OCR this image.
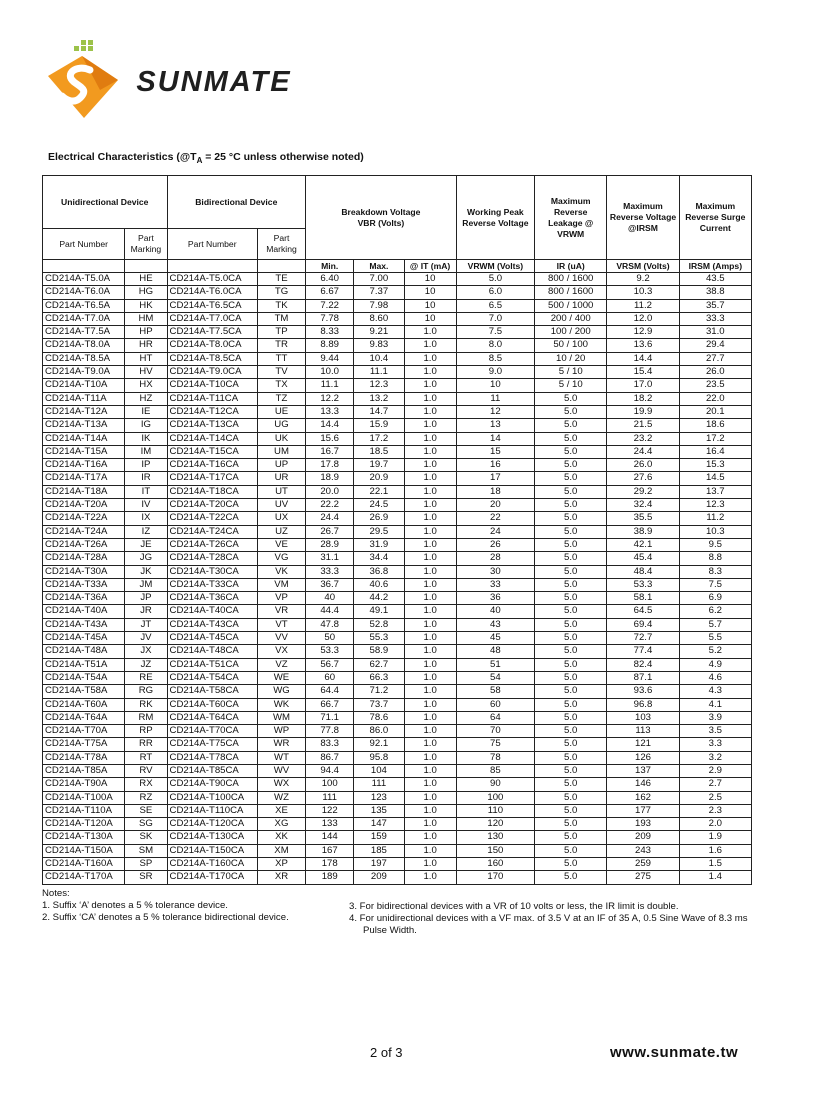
SUNMATE
Electrical Characteristics ($@T_A = 25$ °C unless otherwise noted)
Unidirectional Device		Bidirectional Device		Breakdown Voltage
VBR (Volts)			Working Peak Reverse Voltage	Maximum Reverse Leakage @ VRWM	Maximum Reverse Voltage @IRSM	Maximum Reverse Surge Current
Part Number	Part Marking	Part Number	Part Marking							
				Min.	Max.	@ IT (mA)	VRWM (Volts)	IR (uA)	VRSM (Volts)	IRSM (Amps)
CD214A-T5.0A	HE	CD214A-T5.0CA	TE	6.40	7.00	10	5.0	800 / 1600	9.2	43.5
CD214A-T6.0A	HG	CD214A-T6.0CA	TG	6.67	7.37	10	6.0	800 / 1600	10.3	38.8
CD214A-T6.5A	HK	CD214A-T6.5CA	TK	7.22	7.98	10	6.5	500 / 1000	11.2	35.7
CD214A-T7.0A	HM	CD214A-T7.0CA	TM	7.78	8.60	10	7.0	200 / 400	12.0	33.3
CD214A-T7.5A	HP	CD214A-T7.5CA	TP	8.33	9.21	1.0	7.5	100 / 200	12.9	31.0
CD214A-T8.0A	HR	CD214A-T8.0CA	TR	8.89	9.83	1.0	8.0	50 / 100	13.6	29.4
CD214A-T8.5A	HT	CD214A-T8.5CA	TT	9.44	10.4	1.0	8.5	10 / 20	14.4	27.7
CD214A-T9.0A	HV	CD214A-T9.0CA	TV	10.0	11.1	1.0	9.0	5 / 10	15.4	26.0
CD214A-T10A	HX	CD214A-T10CA	TX	11.1	12.3	1.0	10	5 / 10	17.0	23.5
CD214A-T11A	HZ	CD214A-T11CA	TZ	12.2	13.2	1.0	11	5.0	18.2	22.0
CD214A-T12A	IE	CD214A-T12CA	UE	13.3	14.7	1.0	12	5.0	19.9	20.1
CD214A-T13A	IG	CD214A-T13CA	UG	14.4	15.9	1.0	13	5.0	21.5	18.6
CD214A-T14A	IK	CD214A-T14CA	UK	15.6	17.2	1.0	14	5.0	23.2	17.2
CD214A-T15A	IM	CD214A-T15CA	UM	16.7	18.5	1.0	15	5.0	24.4	16.4
CD214A-T16A	IP	CD214A-T16CA	UP	17.8	19.7	1.0	16	5.0	26.0	15.3
CD214A-T17A	IR	CD214A-T17CA	UR	18.9	20.9	1.0	17	5.0	27.6	14.5
CD214A-T18A	IT	CD214A-T18CA	UT	20.0	22.1	1.0	18	5.0	29.2	13.7
CD214A-T20A	IV	CD214A-T20CA	UV	22.2	24.5	1.0	20	5.0	32.4	12.3
CD214A-T22A	IX	CD214A-T22CA	UX	24.4	26.9	1.0	22	5.0	35.5	11.2
CD214A-T24A	IZ	CD214A-T24CA	UZ	26.7	29.5	1.0	24	5.0	38.9	10.3
CD214A-T26A	JE	CD214A-T26CA	VE	28.9	31.9	1.0	26	5.0	42.1	9.5
CD214A-T28A	JG	CD214A-T28CA	VG	31.1	34.4	1.0	28	5.0	45.4	8.8
CD214A-T30A	JK	CD214A-T30CA	VK	33.3	36.8	1.0	30	5.0	48.4	8.3
CD214A-T33A	JM	CD214A-T33CA	VM	36.7	40.6	1.0	33	5.0	53.3	7.5
CD214A-T36A	JP	CD214A-T36CA	VP	40	44.2	1.0	36	5.0	58.1	6.9
CD214A-T40A	JR	CD214A-T40CA	VR	44.4	49.1	1.0	40	5.0	64.5	6.2
CD214A-T43A	JT	CD214A-T43CA	VT	47.8	52.8	1.0	43	5.0	69.4	5.7
CD214A-T45A	JV	CD214A-T45CA	VV	50	55.3	1.0	45	5.0	72.7	5.5
CD214A-T48A	JX	CD214A-T48CA	VX	53.3	58.9	1.0	48	5.0	77.4	5.2
CD214A-T51A	JZ	CD214A-T51CA	VZ	56.7	62.7	1.0	51	5.0	82.4	4.9
CD214A-T54A	RE	CD214A-T54CA	WE	60	66.3	1.0	54	5.0	87.1	4.6
CD214A-T58A	RG	CD214A-T58CA	WG	64.4	71.2	1.0	58	5.0	93.6	4.3
CD214A-T60A	RK	CD214A-T60CA	WK	66.7	73.7	1.0	60	5.0	96.8	4.1
CD214A-T64A	RM	CD214A-T64CA	WM	71.1	78.6	1.0	64	5.0	103	3.9
CD214A-T70A	RP	CD214A-T70CA	WP	77.8	86.0	1.0	70	5.0	113	3.5
CD214A-T75A	RR	CD214A-T75CA	WR	83.3	92.1	1.0	75	5.0	121	3.3
CD214A-T78A	RT	CD214A-T78CA	WT	86.7	95.8	1.0	78	5.0	126	3.2
CD214A-T85A	RV	CD214A-T85CA	WV	94.4	104	1.0	85	5.0	137	2.9
CD214A-T90A	RX	CD214A-T90CA	WX	100	111	1.0	90	5.0	146	2.7
CD214A-T100A	RZ	CD214A-T100CA	WZ	111	123	1.0	100	5.0	162	2.5
CD214A-T110A	SE	CD214A-T110CA	XE	122	135	1.0	110	5.0	177	2.3
CD214A-T120A	SG	CD214A-T120CA	XG	133	147	1.0	120	5.0	193	2.0
CD214A-T130A	SK	CD214A-T130CA	XK	144	159	1.0	130	5.0	209	1.9
CD214A-T150A	SM	CD214A-T150CA	XM	167	185	1.0	150	5.0	243	1.6
CD214A-T160A	SP	CD214A-T160CA	XP	178	197	1.0	160	5.0	259	1.5
CD214A-T170A	SR	CD214A-T170CA	XR	189	209	1.0	170	5.0	275	1.4
Notes:
1. Suffix ‘A’ denotes a 5 % tolerance device.
2. Suffix ‘CA’ denotes a 5 % tolerance bidirectional device.
3. For bidirectional devices with a VR of 10 volts or less, the IR limit is double.
4. For unidirectional devices with a VF max. of 3.5 V at an IF of 35 A, 0.5 Sine Wave of 8.3 ms Pulse Width.
2 of 3	www.sunmate.tw
